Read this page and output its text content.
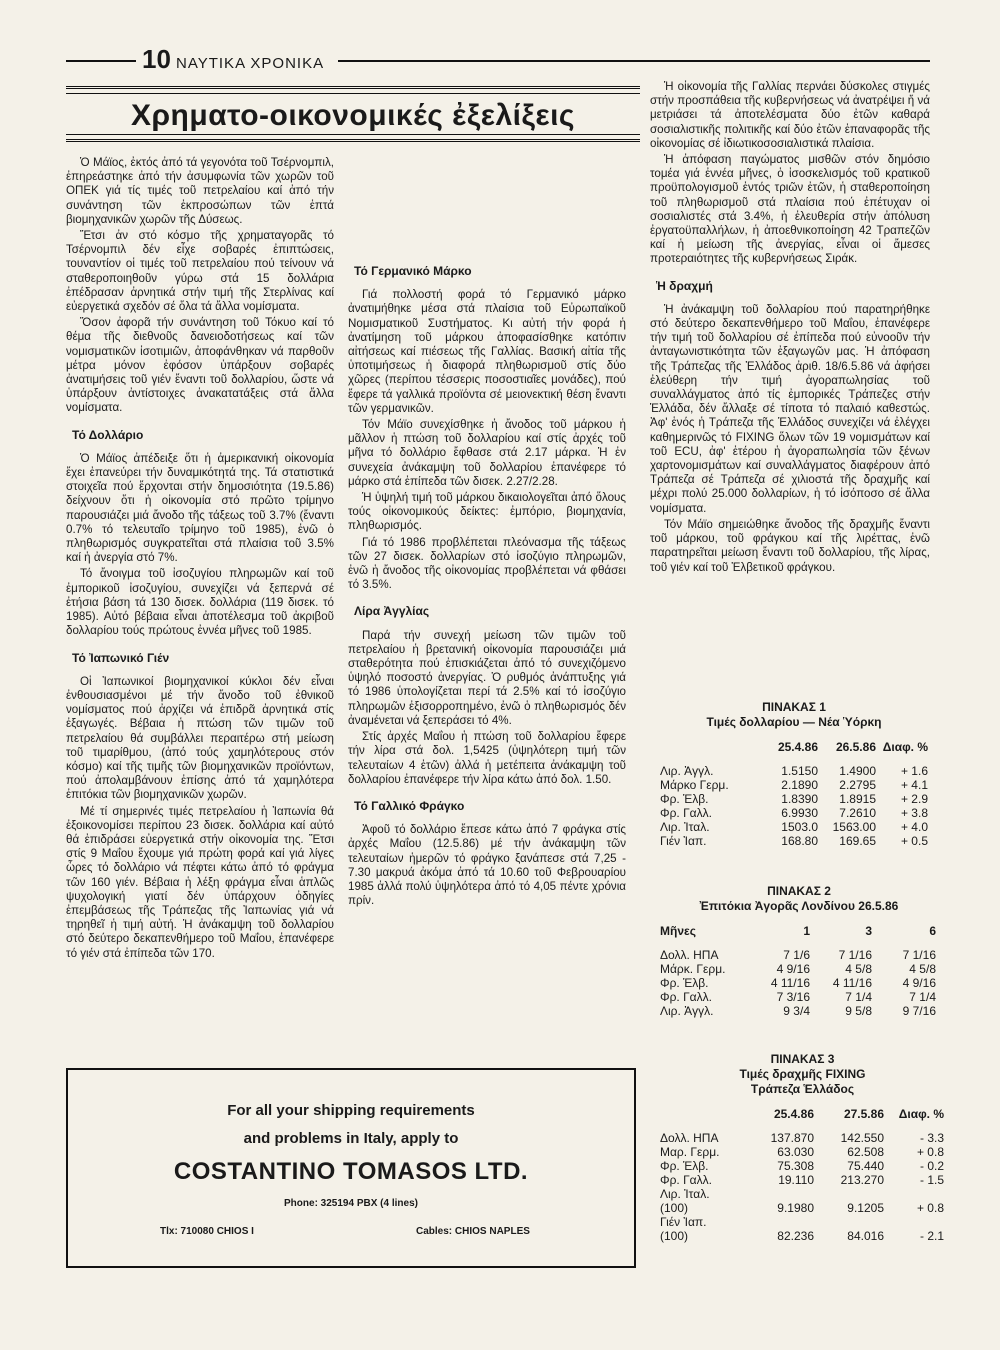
10 ΝΑΥΤΙΚΑ ΧΡΟΝΙΚΑ
Χρηματο-οικονομικές ἐξελίξεις

Ὁ Μάϊος, ἐκτός ἀπό τά γεγονότα τοῦ Τσέρνομπιλ, ἐπηρεάστηκε ἀπό τήν ἀσυμφωνία τῶν χωρῶν τοῦ ΟΠΕΚ γιά τίς τιμές τοῦ πετρελαίου καί ἀπό τήν συνάντηση τῶν ἐκπροσώπων τῶν ἑπτά βιομηχανικῶν χωρῶν τῆς Δύσεως.

Ἔτσι ἀν στό κόσμο τῆς χρηματαγορᾶς τό Τσέρνομπιλ δέν εἶχε σοβαρές ἐπιπτώσεις, τουναντίον οἱ τιμές τοῦ πετρελαίου πού τείνουν νά σταθεροποιηθοῦν γύρω στά 15 δολλάρια ἐπέδρασαν ἀρνητικά στήν τιμή τῆς Στερλίνας καί εὐεργετικά σχεδόν σέ ὅλα τά ἄλλα νομίσματα.

Ὅσον ἀφορᾶ τήν συνάντηση τοῦ Τόκυο καί τό θέμα τῆς διεθνοῦς δανειοδοτήσεως καί τῶν νομισματικῶν ἰσοτιμιῶν, ἀποφάνθηκαν νά παρθοῦν μέτρα μόνον ἐφόσον ὑπάρξουν σοβαρές ἀνατιμήσεις τοῦ γιέν ἔναντι τοῦ δολλαρίου, ὥστε νά ὑπάρξουν ἀντίστοιχες ἀνακατατάξεις στά ἄλλα νομίσματα.

Τό Δολλάριο

Ὁ Μάϊος ἀπέδειξε ὅτι ἡ ἀμερικανική οἰκονομία ἔχει ἐπανεύρει τήν δυναμικότητά της. Τά στατιστικά στοιχεῖα πού ἔρχονται στήν δημοσιότητα (19.5.86) δείχνουν ὅτι ἡ οἰκονομία στό πρῶτο τρίμηνο παρουσιάζει μιά ἄνοδο τῆς τάξεως τοῦ 3.7% (ἔναντι 0.7% τό τελευταῖο τρίμηνο τοῦ 1985), ἐνῶ ὁ πληθωρισμός συγκρατεῖται στά πλαίσια τοῦ 3.5% καί ἡ ἀνεργία στό 7%.

Τό ἄνοιγμα τοῦ ἰσοζυγίου πληρωμῶν καί τοῦ ἐμπορικοῦ ἰσοζυγίου, συνεχίζει νά ξεπερνά σέ ἐτήσια βάση τά 130 δισεκ. δολλάρια (119 δισεκ. τό 1985). Αὐτό βέβαια εἶναι ἀποτέλεσμα τοῦ ἀκριβοῦ δολλαρίου τούς πρώτους ἐννέα μῆνες τοῦ 1985.

Τό Ἰαπωνικό Γιέν

Οἱ Ἰαπωνικοί βιομηχανικοί κύκλοι δέν εἶναι ἐνθουσιασμένοι μέ τήν ἄνοδο τοῦ ἐθνικοῦ νομίσματος πού ἀρχίζει νά ἐπιδρᾶ ἀρνητικά στίς ἐξαγωγές. Βέβαια ἡ πτώση τῶν τιμῶν τοῦ πετρελαίου θά συμβάλλει περαιτέρω στή μείωση τοῦ τιμαρίθμου, (ἀπό τούς χαμηλότερους στόν κόσμο) καί τῆς τιμῆς τῶν βιομηχανικῶν προϊόντων, πού ἀπολαμβάνουν ἐπίσης ἀπό τά χαμηλότερα ἐπιτόκια τῶν βιομηχανικῶν χωρῶν.

Μέ τί σημερινές τιμές πετρελαίου ἡ Ἰαπωνία θά ἐξοικονομίσει περίπου 23 δισεκ. δολλάρια καί αὐτό θά ἐπιδράσει εὐεργετικά στήν οἰκονομία της. Ἔτσι στίς 9 Μαΐου ἔχουμε γιά πρώτη φορά καί γιά λίγες ὧρες τό δολλάριο νά πέφτει κάτω ἀπό τό φράγμα τῶν 160 γιέν. Βέβαια ἡ λέξη φράγμα εἶναι ἁπλῶς ψυχολογική γιατί δέν ὑπάρχουν ὀδηγίες ἐπεμβάσεως τῆς Τράπεζας τῆς Ἰαπωνίας γιά νά τηρηθεῖ ἡ τιμή αὐτή. Ἡ ἀνάκαμψη τοῦ δολλαρίου στό δεύτερο δεκαπενθήμερο τοῦ Μαΐου, ἐπανέφερε τό γιέν στά ἐπίπεδα τῶν 170.

Τό Γερμανικό Μάρκο

Γιά πολλοστή φορά τό Γερμανικό μάρκο ἀνατιμήθηκε μέσα στά πλαίσια τοῦ Εὐρωπαϊκοῦ Νομισματικοῦ Συστήματος. Κι αὐτή τήν φορά ἡ ἀνατίμηση τοῦ μάρκου ἀποφασίσθηκε κατόπιν αἰτήσεως καί πιέσεως τῆς Γαλλίας. Βασική αἰτία τῆς ὑποτιμήσεως ἡ διαφορά πληθωρισμοῦ στίς δύο χῶρες (περίπου τέσσερις ποσοστιαῖες μονάδες), πού ἔφερε τά γαλλικά προϊόντα σέ μειονεκτική θέση ἔναντι τῶν γερμανικῶν.

Τόν Μάϊο συνεχίσθηκε ἡ ἄνοδος τοῦ μάρκου ἡ μᾶλλον ἡ πτώση τοῦ δολλαρίου καί στίς ἀρχές τοῦ μῆνα τό δολλάριο ἔφθασε στά 2.17 μάρκα. Ἡ ἐν συνεχεία ἀνάκαμψη τοῦ δολλαρίου ἐπανέφερε τό μάρκο στά ἐπίπεδα τῶν δισεκ. 2.27/2.28.

Ἡ ὑψηλή τιμή τοῦ μάρκου δικαιολογεῖται ἀπό ὅλους τούς οἰκονομικούς δείκτες: ἐμπόριο, βιομηχανία, πληθωρισμός.

Γιά τό 1986 προβλέπεται πλεόνασμα τῆς τάξεως τῶν 27 δισεκ. δολλαρίων στό ἰσοζύγιο πληρωμῶν, ἐνῶ ἡ ἄνοδος τῆς οἰκονομίας προβλέπεται νά φθάσει τό 3.5%.

Λίρα Ἀγγλίας

Παρά τήν συνεχή μείωση τῶν τιμῶν τοῦ πετρελαίου ἡ βρετανική οἰκονομία παρουσιάζει μιά σταθερότητα πού ἐπισκιάζεται ἀπό τό συνεχιζόμενο ὑψηλό ποσοστό ἀνεργίας. Ὁ ρυθμός ἀνάπτυξης γιά τό 1986 ὑπολογίζεται περί τά 2.5% καί τό ἰσοζύγιο πληρωμῶν ἐξισορροπημένο, ἐνῶ ὁ πληθωρισμός δέν ἀναμένεται νά ξεπεράσει τό 4%.

Στίς ἀρχές Μαΐου ἡ πτώση τοῦ δολλαρίου ἔφερε τήν λίρα στά δολ. 1,5425 (ὑψηλότερη τιμή τῶν τελευταίων 4 ἐτῶν) ἀλλά ἡ μετέπειτα ἀνάκαμψη τοῦ δολλαρίου ἐπανέφερε τήν λίρα κάτω ἀπό δολ. 1.50.

Τό Γαλλικό Φράγκο

Ἀφοῦ τό δολλάριο ἔπεσε κάτω ἀπό 7 φράγκα στίς ἀρχές Μαΐου (12.5.86) μέ τήν ἀνάκαμψη τῶν τελευταίων ἡμερῶν τό φράγκο ξανάπεσε στά 7,25 - 7.30 μακρυά ἀκόμα ἀπό τά 10.60 τοῦ Φεβρουαρίου 1985 ἀλλά πολύ ὑψηλότερα ἀπό τό 4,05 πέντε χρόνια πρίν.

Ἡ οἰκονομία τῆς Γαλλίας περνάει δύσκολες στιγμές στήν προσπάθεια τῆς κυβερνήσεως νά ἀνατρέψει ἤ νά μετριάσει τά ἀποτελέσματα δύο ἐτῶν καθαρά σοσιαλιστικῆς πολιτικῆς καί δύο ἐτῶν ἐπαναφορᾶς τῆς οἰκονομίας σέ ἰδιωτικοσοσιαλιστικά πλαίσια.

Ἡ ἀπόφαση παγώματος μισθῶν στόν δημόσιο τομέα γιά ἐννέα μῆνες, ὁ ἰσοσκελισμός τοῦ κρατικοῦ προϋπολογισμοῦ ἐντός τριῶν ἐτῶν, ἡ σταθεροποίηση τοῦ πληθωρισμοῦ στά πλαίσια πού ἐπέτυχαν οἱ σοσιαλιστές στά 3.4%, ἡ ἐλευθερία στήν ἀπόλυση ἐργατοϋπαλλήλων, ἡ ἀποεθνικοποίηση 42 Τραπεζῶν καί ἡ μείωση τῆς ἀνεργίας, εἶναι οἱ ἄμεσες προτεραιότητες τῆς κυβερνήσεως Σιράκ.

Ἡ δραχμή

Ἡ ἀνάκαμψη τοῦ δολλαρίου πού παρατηρήθηκε στό δεύτερο δεκαπενθήμερο τοῦ Μαΐου, ἐπανέφερε τήν τιμή τοῦ δολλαρίου σέ ἐπίπεδα πού εὐνοοῦν τήν ἀνταγωνιστικότητα τῶν ἐξαγωγῶν μας. Ἡ ἀπόφαση τῆς Τράπεζας τῆς Ἑλλάδος ἀριθ. 18/6.5.86 νά ἀφήσει ἐλεύθερη τήν τιμή ἀγοραπωλησίας τοῦ συναλλάγματος ἀπό τίς ἐμπορικές Τράπεζες στήν Ἑλλάδα, δέν ἄλλαξε σέ τίποτα τό παλαιό καθεστώς. Ἀφ' ἑνός ἡ Τράπεζα τῆς Ἑλλάδος συνεχίζει νά ἐλέγχει καθημερινῶς τό FIXING ὅλων τῶν 19 νομισμάτων καί τοῦ ECU, ἀφ' ἑτέρου ἡ ἀγοραπωλησία τῶν ξένων χαρτονομισμάτων καί συναλλάγματος διαφέρουν ἀπό Τράπεζα σέ Τράπεζα σέ χιλιοστά τῆς δραχμῆς καί μέχρι πολύ 25.000 δολλαρίων, ἡ τό ἰσόποσο σέ ἄλλα νομίσματα.

Τόν Μάϊο σημειώθηκε ἄνοδος τῆς δραχμῆς ἔναντι τοῦ μάρκου, τοῦ φράγκου καί τῆς λιρέττας, ἐνῶ παρατηρεῖται μείωση ἔναντι τοῦ δολλαρίου, τῆς λίρας, τοῦ γιέν καί τοῦ Ἑλβετικοῦ φράγκου.

ΠΙΝΑΚΑΣ 1
Τιμές δολλαρίου — Νέα Ὑόρκη
	25.4.86	26.5.86	Διαφ. %
Λιρ. Ἀγγλ.	1.5150	1.4900	+ 1.6
Μάρκο Γερμ.	2.1890	2.2795	+ 4.1
Φρ. Ἑλβ.	1.8390	1.8915	+ 2.9
Φρ. Γαλλ.	6.9930	7.2610	+ 3.8
Λιρ. Ἰταλ.	1503.0	1563.00	+ 4.0
Γιέν Ἰαπ.	168.80	169.65	+ 0.5
ΠΙΝΑΚΑΣ 2
Ἐπιτόκια Ἀγορᾶς Λονδίνου 26.5.86
Μῆνες	1	3	6
Δολλ. ΗΠΑ	7 1/6	7 1/16	7 1/16
Μάρκ. Γερμ.	4 9/16	4 5/8	4 5/8
Φρ. Ἑλβ.	4 11/16	4 11/16	4 9/16
Φρ. Γαλλ.	7 3/16	7 1/4	7 1/4
Λιρ. Ἀγγλ.	9 3/4	9 5/8	9 7/16
ΠΙΝΑΚΑΣ 3
Τιμές δραχμῆς FIXING
Τράπεζα Ἑλλάδος
	25.4.86	27.5.86	Διαφ. %
Δολλ. ΗΠΑ	137.870	142.550	- 3.3
Μαρ. Γερμ.	63.030	62.508	+ 0.8
Φρ. Ἑλβ.	75.308	75.440	- 0.2
Φρ. Γαλλ.	19.110	213.270	- 1.5
Λιρ. Ἰταλ.			
(100)	9.1980	9.1205	+ 0.8
Γιέν Ἰαπ.			
(100)	82.236	84.016	- 2.1
For all your shipping requirements
and problems in Italy, apply to
COSTANTINO TOMASOS LTD.
Phone: 325194 PBX (4 lines)
Tlx: 710080 CHIOS I	Cables: CHIOS NAPLES
